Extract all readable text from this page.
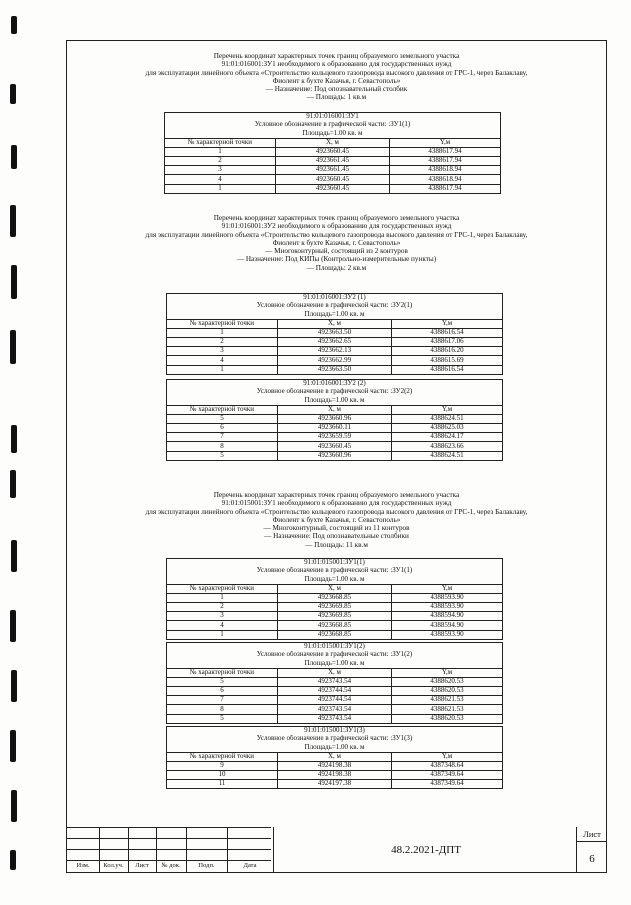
Перечень координат характерных точек границ образуемого земельного участка
91:01:016001:ЗУ1 необходимого к образованию для государственных нужд
для эксплуатации линейного объекта «Строительство кольцевого газопровода высокого давления от ГРС-1, через Балаклаву,
Фиолент к бухте Казачья, г. Севастополь»
— Назначение: Под опознавательный столбик
— Площадь: 1 кв.м
91:01:016001:ЗУ1		
Условное обозначение в графической части: :ЗУ1(1)		
Площадь=1.00 кв. м		
№ характерной точки	X, м	Y,м
1	4923660.45	4388617.94
2	4923661.45	4388617.94
3	4923661.45	4388618.94
4	4923660.45	4388618.94
1	4923660.45	4388617.94
91:01:016001:ЗУ2 (1)		
Условное обозначение в графической части: :ЗУ2(1)		
Площадь=1.00 кв. м		
№ характерной точки	X, м	Y,м
1	4923663.50	4388616.54
2	4923662.65	4388617.06
3	4923662.13	4388616.20
4	4923662.99	4388615.69
1	4923663.50	4388616.54
91:01:016001:ЗУ2 (2)		
Условное обозначение в графической части: :ЗУ2(2)		
Площадь=1.00 кв. м		
№ характерной точки	X, м	Y,м
5	4923660.96	4388624.51
6	4923660.11	4388625.03
7	4923659.59	4388624.17
8	4923660.45	4388623.66
5	4923660.96	4388624.51
91:01:015001:ЗУ1(1)		
Условное обозначение в графической части: :ЗУ1(1)		
Площадь=1.00 кв. м		
№ характерной точки	X, м	Y,м
1	4923668.85	4388593.90
2	4923669.85	4388593.90
3	4923669.85	4388594.90
4	4923668.85	4388594.90
1	4923668.85	4388593.90
91:01:015001:ЗУ1(2)		
Условное обозначение в графической части: :ЗУ1(2)		
Площадь=1.00 кв. м		
№ характерной точки	X, м	Y,м
5	4923743.54	4388620.53
6	4923744.54	4388620.53
7	4923744.54	4388621.53
8	4923743.54	4388621.53
5	4923743.54	4388620.53
91:01:015001:ЗУ1(3)		
Условное обозначение в графической части: :ЗУ1(3)		
Площадь=1.00 кв. м		
№ характерной точки	X, м	Y,м
9	4924198.38	4387348.64
10	4924198.38	4387349.64
11	4924197.38	4387349.64
Перечень координат характерных точек границ образуемого земельного участка
91:01:016001:ЗУ2 необходимого к образованию для государственных нужд
для эксплуатации линейного объекта «Строительство кольцевого газопровода высокого давления от ГРС-1, через Балаклаву,
Фиолент к бухте Казачья, г. Севастополь»
— Многоконтурный, состоящий из 2 контуров
— Назначение: Под КИПы (Контрольно-измерительные пункты)
— Площадь: 2 кв.м
Перечень координат характерных точек границ образуемого земельного участка
91:01:015001:ЗУ1 необходимого к образованию для государственных нужд
для эксплуатации линейного объекта «Строительство кольцевого газопровода высокого давления от ГРС-1, через Балаклаву,
Фиолент к бухте Казачья, г. Севастополь»
— Многоконтурный, состоящий из 11 контуров
— Назначение: Под опознавательные столбики
— Площадь: 11 кв.м
Изм.	Кол.уч.	Лист	№ док.	Подп.	Дата
48.2.2021-ДПТ
Лист
6
